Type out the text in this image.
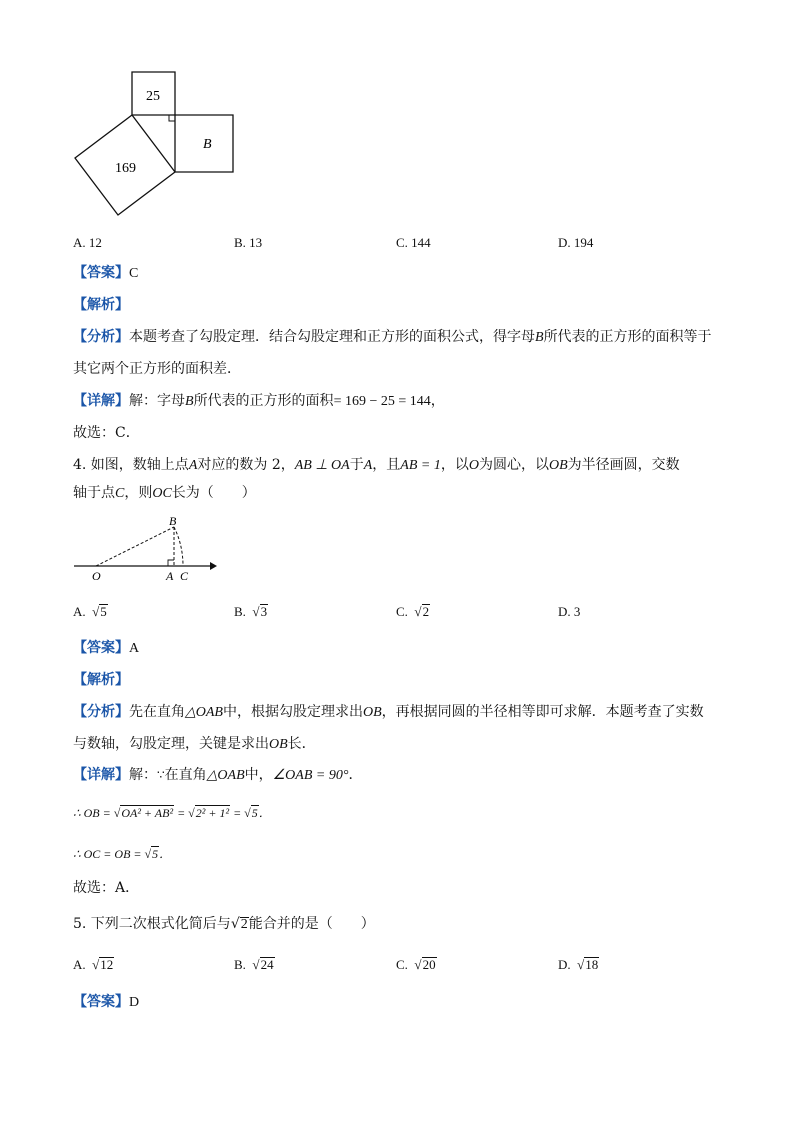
25
169
B
A. 12	B. 13	C. 144	D. 194
【答案】C
【解析】
【分析】本题考查了勾股定理．结合勾股定理和正方形的面积公式，得字母B所代表的正方形的面积等于
其它两个正方形的面积差．
【详解】解：字母B所代表的正方形的面积= 169 − 25 = 144，
故选：C．
4. 如图，数轴上点A对应的数为 2，AB ⊥ OA于A，且AB = 1，以O为圆心，以OB为半径画圆，交数
轴于点C，则OC长为（　　）
B
O	A C
A.  √5	B.  √3	C.  √2	D. 3
【答案】A
【解析】
【分析】先在直角△OAB中，根据勾股定理求出OB，再根据同圆的半径相等即可求解．本题考查了实数
与数轴，勾股定理，关键是求出OB长．
【详解】解：∵在直角△OAB中，∠OAB = 90°．
∴ OB = √OA² + AB² = √2² + 1² = √5．
∴ OC = OB = √5．
故选：A．
5. 下列二次根式化简后与√2能合并的是（　　）
A.  √12	B.  √24	C.  √20	D.  √18
【答案】D
